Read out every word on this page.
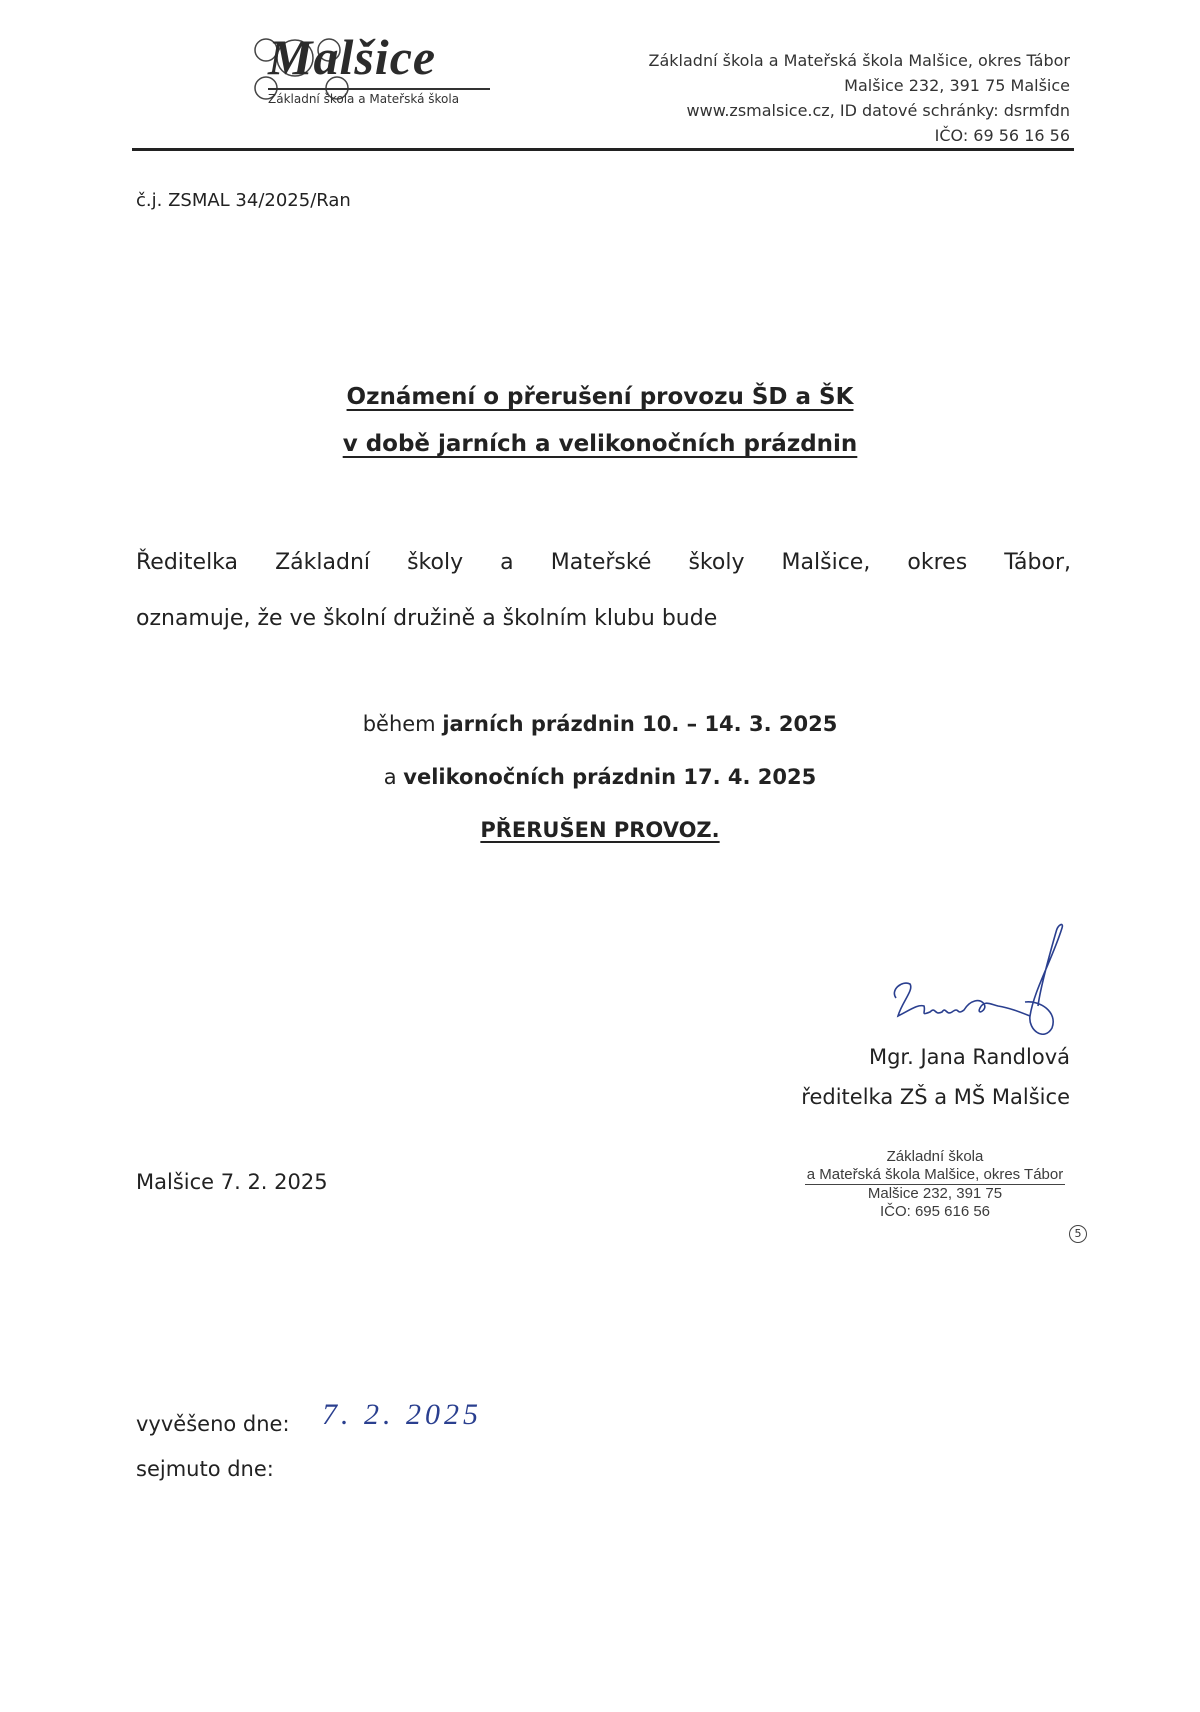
Malšice
Základní škola a Mateřská škola
Základní škola a Mateřská škola Malšice, okres Tábor
Malšice 232, 391 75 Malšice
www.zsmalsice.cz, ID datové schránky: dsrmfdn
IČO: 69 56 16 56
č.j. ZSMAL 34/2025/Ran
Oznámení o přerušení provozu ŠD a ŠK
v době jarních a velikonočních prázdnin
Ředitelka Základní školy a Mateřské školy Malšice, okres Tábor,
oznamuje, že ve školní družině a školním klubu bude
během jarních prázdnin 10. – 14. 3. 2025
a velikonočních prázdnin 17. 4. 2025
PŘERUŠEN PROVOZ.
Mgr. Jana Randlová
ředitelka ZŠ a MŠ Malšice
Malšice 7. 2. 2025
Základní škola
a Mateřská škola Malšice, okres Tábor
Malšice 232, 391 75
IČO: 695 616 56
5
vyvěšeno dne: 7. 2. 2025
sejmuto dne:
